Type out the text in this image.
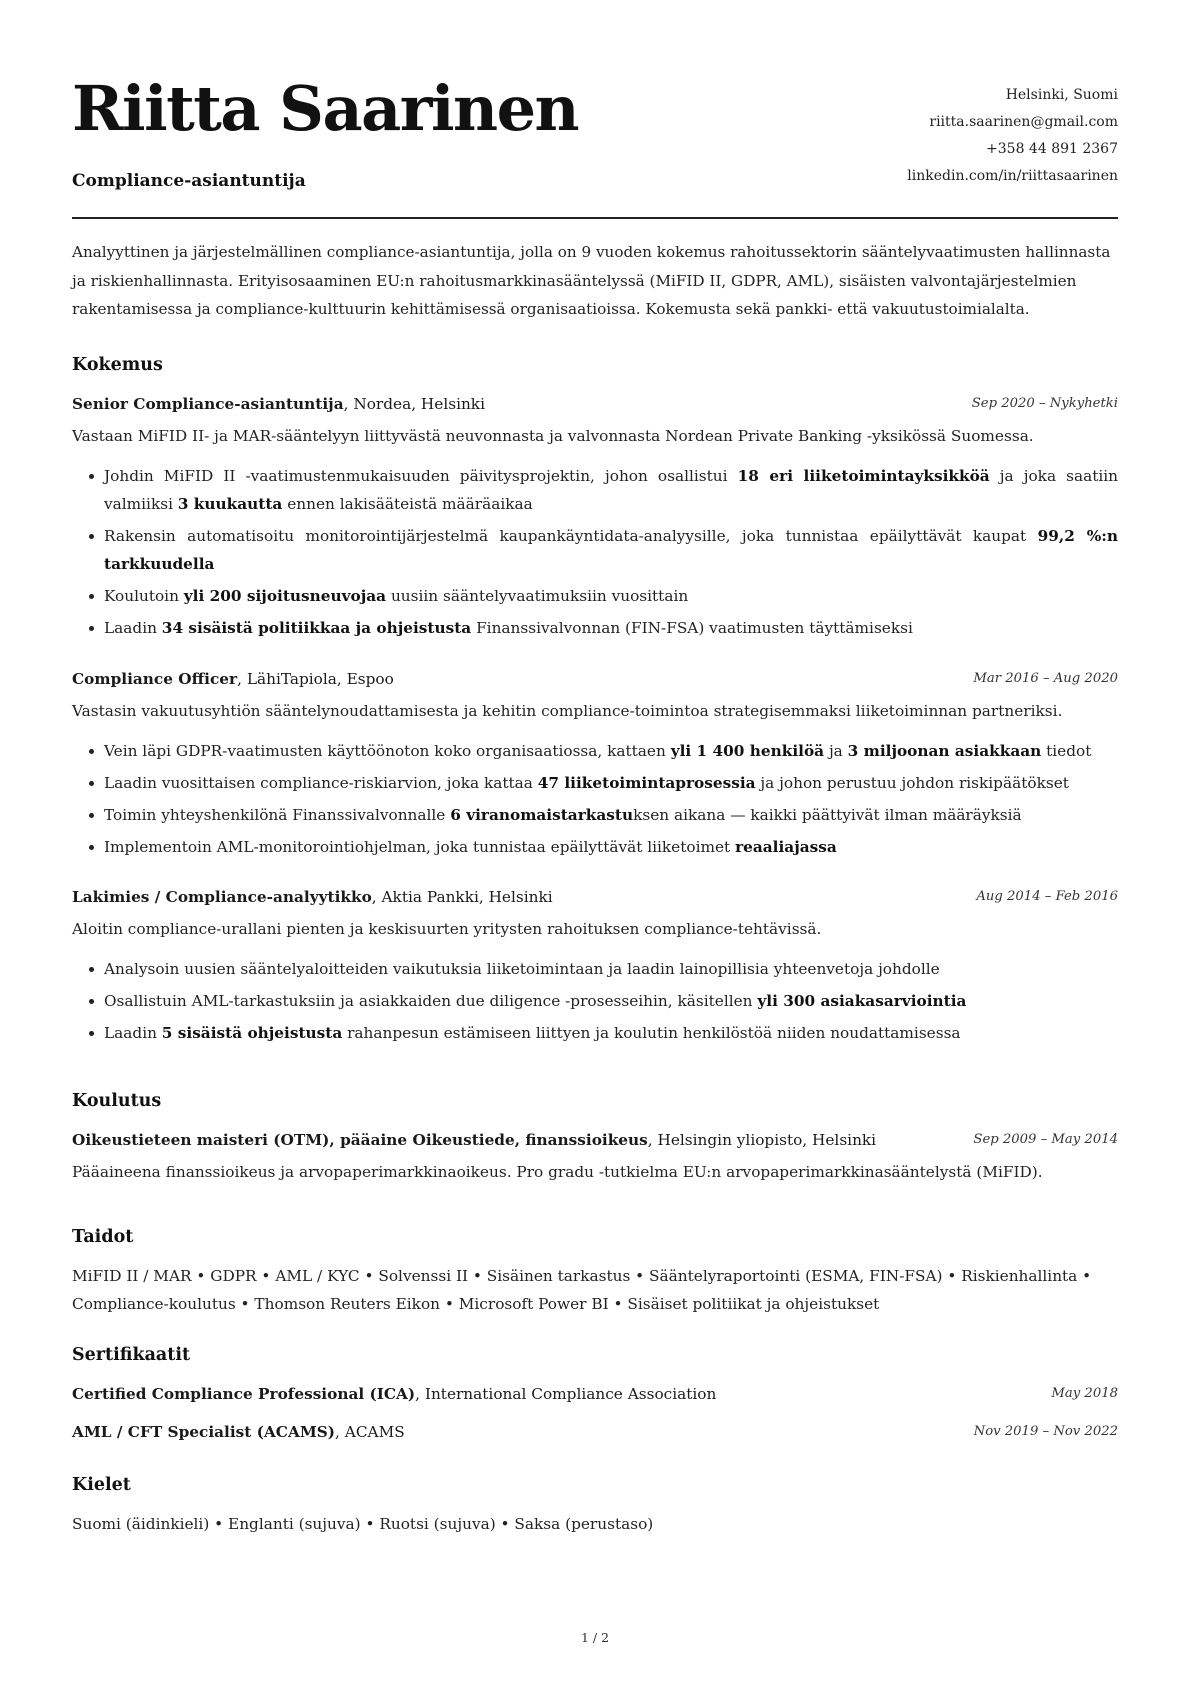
Riitta Saarinen
Compliance-asiantuntija
Helsinki, Suomi
riitta.saarinen@gmail.com
+358 44 891 2367
linkedin.com/in/riittasaarinen
Analyyttinen ja järjestelmällinen compliance-asiantuntija, jolla on 9 vuoden kokemus rahoitussektorin sääntelyvaatimusten hallinnasta ja riskienhallinnasta. Erityisosaaminen EU:n rahoitusmarkkinasääntelyssä (MiFID II, GDPR, AML), sisäisten valvontajärjestelmien rakentamisessa ja compliance-kulttuurin kehittämisessä organisaatioissa. Kokemusta sekä pankki- että vakuutustoimialalta.
Kokemus
Senior Compliance-asiantuntija, Nordea, Helsinki	Sep 2020 – Nykyhetki
Vastaan MiFID II- ja MAR-sääntelyyn liittyvästä neuvonnasta ja valvonnasta Nordean Private Banking -yksikössä Suomessa.
Johdin MiFID II -vaatimustenmukaisuuden päivitysprojektin, johon osallistui 18 eri liiketoimintayksikköä ja joka saatiin valmiiksi 3 kuukautta ennen lakisääteistä määräaikaa
Rakensin automatisoitu monitorointijärjestelmä kaupankäyntidata-analyysille, joka tunnistaa epäilyttävät kaupat 99,2 %:n tarkkuudella
Koulutoin yli 200 sijoitusneuvojaa uusiin sääntelyvaatimuksiin vuosittain
Laadin 34 sisäistä politiikkaa ja ohjeistusta Finanssivalvonnan (FIN-FSA) vaatimusten täyttämiseksi
Compliance Officer, LähiTapiola, Espoo	Mar 2016 – Aug 2020
Vastasin vakuutusyhtiön sääntelynoudattamisesta ja kehitin compliance-toimintoa strategisemmaksi liiketoiminnan partneriksi.
Vein läpi GDPR-vaatimusten käyttöönoton koko organisaatiossa, kattaen yli 1 400 henkilöä ja 3 miljoonan asiakkaan tiedot
Laadin vuosittaisen compliance-riskiarvion, joka kattaa 47 liiketoimintaprosessia ja johon perustuu johdon riskipäätökset
Toimin yhteyshenkilönä Finanssivalvonnalle 6 viranomaistarkastuksen aikana — kaikki päättyivät ilman määräyksiä
Implementoin AML-monitorointiohjelman, joka tunnistaa epäilyttävät liiketoimet reaaliajassa
Lakimies / Compliance-analyytikko, Aktia Pankki, Helsinki	Aug 2014 – Feb 2016
Aloitin compliance-urallani pienten ja keskisuurten yritysten rahoituksen compliance-tehtävissä.
Analysoin uusien sääntelyaloitteiden vaikutuksia liiketoimintaan ja laadin lainopillisia yhteenvetoja johdolle
Osallistuin AML-tarkastuksiin ja asiakkaiden due diligence -prosesseihin, käsitellen yli 300 asiakasarviointia
Laadin 5 sisäistä ohjeistusta rahanpesun estämiseen liittyen ja koulutin henkilöstöä niiden noudattamisessa
Koulutus
Oikeustieteen maisteri (OTM), pääaine Oikeustiede, finanssioikeus, Helsingin yliopisto, Helsinki	Sep 2009 – May 2014
Pääaineena finanssioikeus ja arvopaperimarkkinaoikeus. Pro gradu -tutkielma EU:n arvopaperimarkkinasääntelystä (MiFID).
Taidot
MiFID II / MAR • GDPR • AML / KYC • Solvenssi II • Sisäinen tarkastus • Sääntelyraportointi (ESMA, FIN-FSA) • Riskienhallinta • Compliance-koulutus • Thomson Reuters Eikon • Microsoft Power BI • Sisäiset politiikat ja ohjeistukset
Sertifikaatit
Certified Compliance Professional (ICA), International Compliance Association	May 2018
AML / CFT Specialist (ACAMS), ACAMS	Nov 2019 – Nov 2022
Kielet
Suomi (äidinkieli) • Englanti (sujuva) • Ruotsi (sujuva) • Saksa (perustaso)
1 / 2
